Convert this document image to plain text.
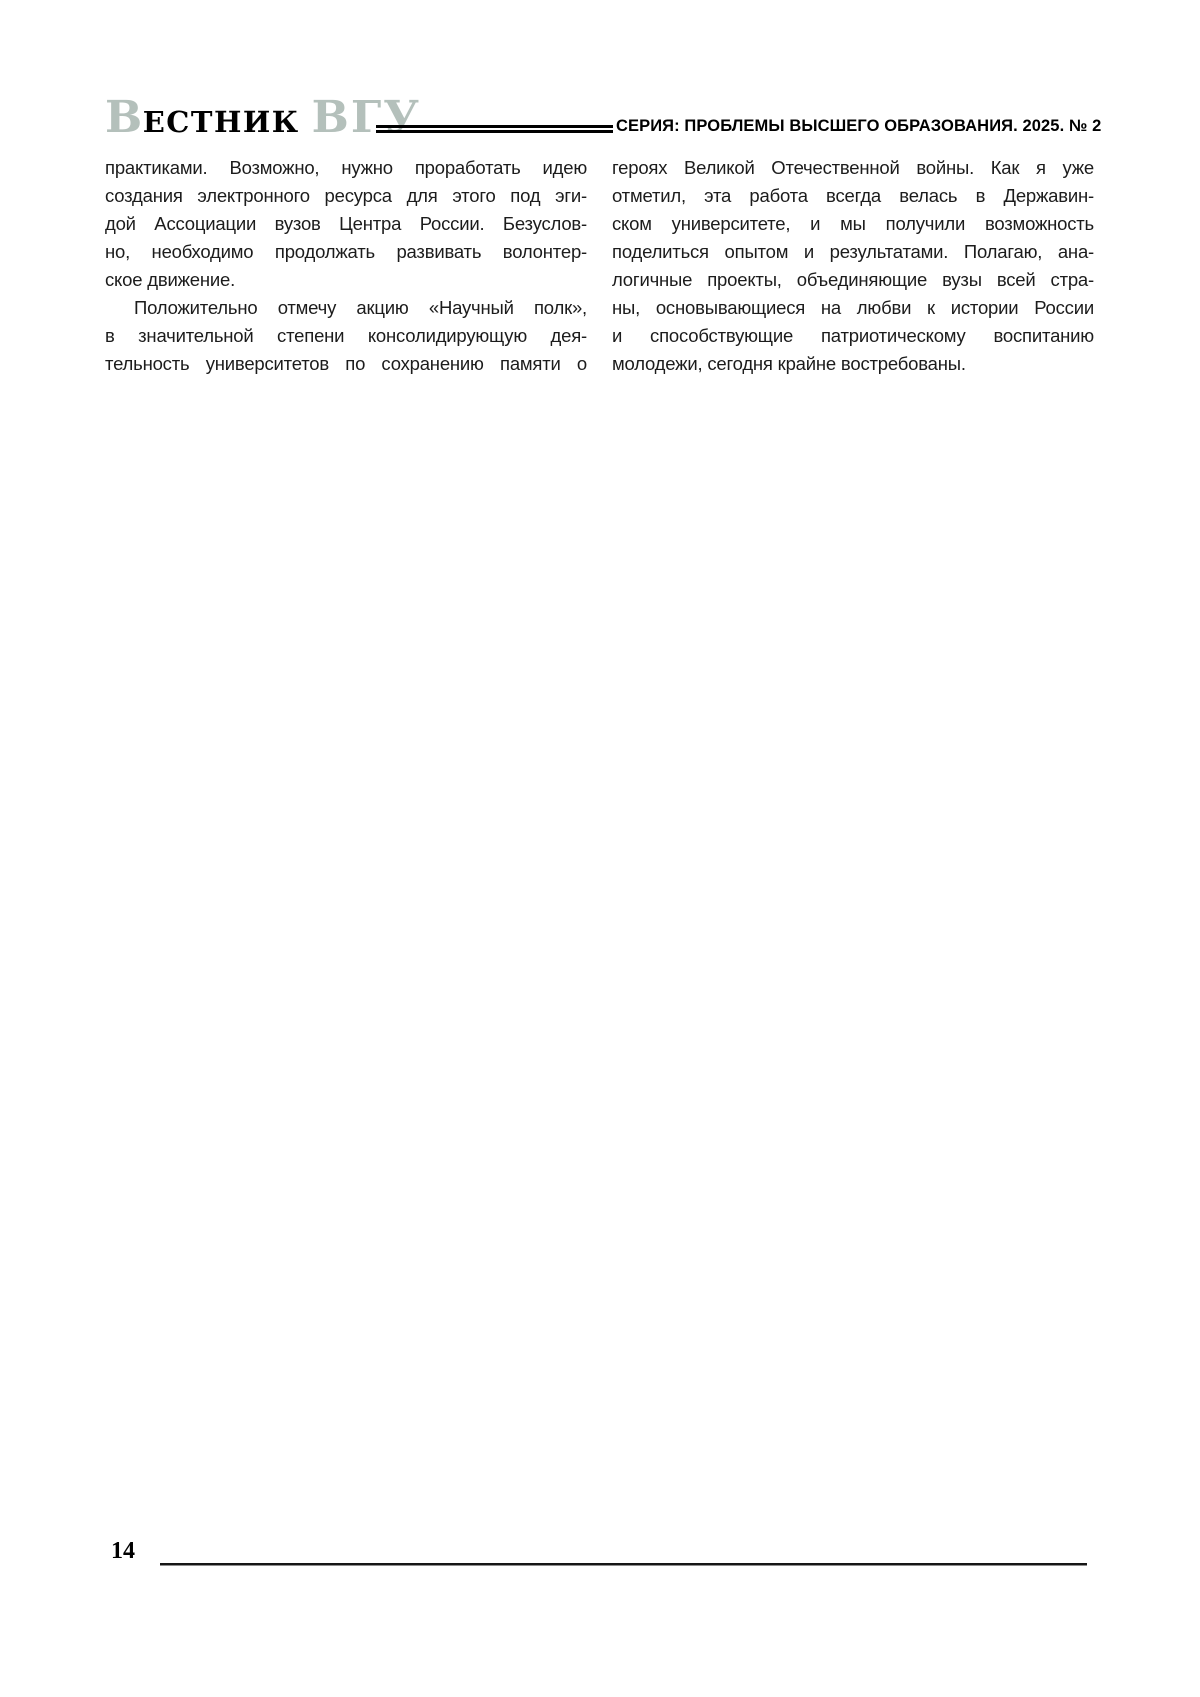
ВЕСТНИК ВГУ	СЕРИЯ: ПРОБЛЕМЫ ВЫСШЕГО ОБРАЗОВАНИЯ. 2025. № 2
практиками. Возможно, нужно проработать идею
создания электронного ресурса для этого под эги-
дой Ассоциации вузов Центра России. Безуслов-
но, необходимо продолжать развивать волонтер-
ское движение.
Положительно отмечу акцию «Научный полк»,
в значительной степени консолидирующую дея-
тельность университетов по сохранению памяти о
героях Великой Отечественной войны. Как я уже
отметил, эта работа всегда велась в Державин-
ском университете, и мы получили возможность
поделиться опытом и результатами. Полагаю, ана-
логичные проекты, объединяющие вузы всей стра-
ны, основывающиеся на любви к истории России
и способствующие патриотическому воспитанию
молодежи, сегодня крайне востребованы.
14
